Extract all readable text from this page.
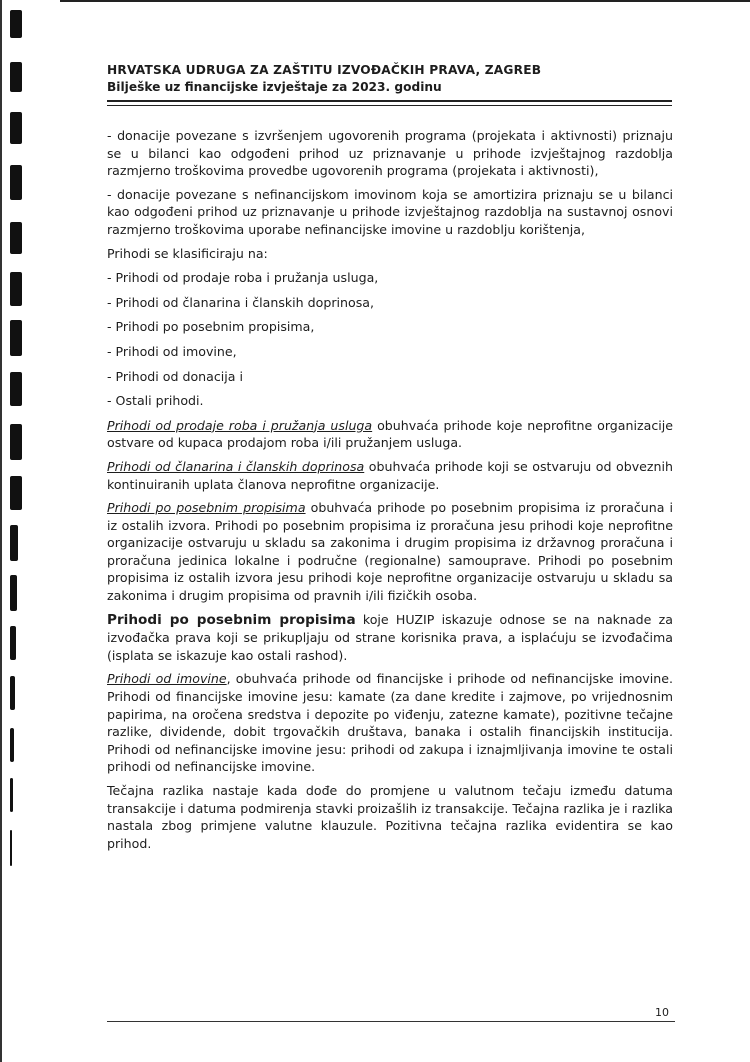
HRVATSKA UDRUGA ZA ZAŠTITU IZVOĐAČKIH PRAVA, ZAGREB
Bilješke uz financijske izvještaje za 2023. godinu

- donacije povezane s izvršenjem ugovorenih programa (projekata i aktivnosti) priznaju se u bilanci kao odgođeni prihod uz priznavanje u prihode izvještajnog razdoblja razmjerno troškovima provedbe ugovorenih programa (projekata i aktivnosti),

- donacije povezane s nefinancijskom imovinom koja se amortizira priznaju se u bilanci kao odgođeni prihod uz priznavanje u prihode izvještajnog razdoblja na sustavnoj osnovi razmjerno troškovima uporabe nefinancijske imovine u razdoblju korištenja,

Prihodi se klasificiraju na:

- Prihodi od prodaje roba i pružanja usluga,

- Prihodi od članarina i članskih doprinosa,

- Prihodi po posebnim propisima,

- Prihodi od imovine,

- Prihodi od donacija i

- Ostali prihodi.

Prihodi od prodaje roba i pružanja usluga obuhvaća prihode koje neprofitne organizacije ostvare od kupaca prodajom roba i/ili pružanjem usluga.

Prihodi od članarina i članskih doprinosa obuhvaća prihode koji se ostvaruju od obveznih kontinuiranih uplata članova neprofitne organizacije.

Prihodi po posebnim propisima obuhvaća prihode po posebnim propisima iz proračuna i iz ostalih izvora. Prihodi po posebnim propisima iz proračuna jesu prihodi koje neprofitne organizacije ostvaruju u skladu sa zakonima i drugim propisima iz državnog proračuna i proračuna jedinica lokalne i područne (regionalne) samouprave. Prihodi po posebnim propisima iz ostalih izvora jesu prihodi koje neprofitne organizacije ostvaruju u skladu sa zakonima i drugim propisima od pravnih i/ili fizičkih osoba.

Prihodi po posebnim propisima koje HUZIP iskazuje odnose se na naknade za izvođačka prava koji se prikupljaju od strane korisnika prava, a isplaćuju se izvođačima (isplata se iskazuje kao ostali rashod).

Prihodi od imovine, obuhvaća prihode od financijske i prihode od nefinancijske imovine. Prihodi od financijske imovine jesu: kamate (za dane kredite i zajmove, po vrijednosnim papirima, na oročena sredstva i depozite po viđenju, zatezne kamate), pozitivne tečajne razlike, dividende, dobit trgovačkih društava, banaka i ostalih financijskih institucija. Prihodi od nefinancijske imovine jesu: prihodi od zakupa i iznajmljivanja imovine te ostali prihodi od nefinancijske imovine.

Tečajna razlika nastaje kada dođe do promjene u valutnom tečaju između datuma transakcije i datuma podmirenja stavki proizašlih iz transakcije. Tečajna razlika je i razlika nastala zbog primjene valutne klauzule. Pozitivna tečajna razlika evidentira se kao prihod.

10
